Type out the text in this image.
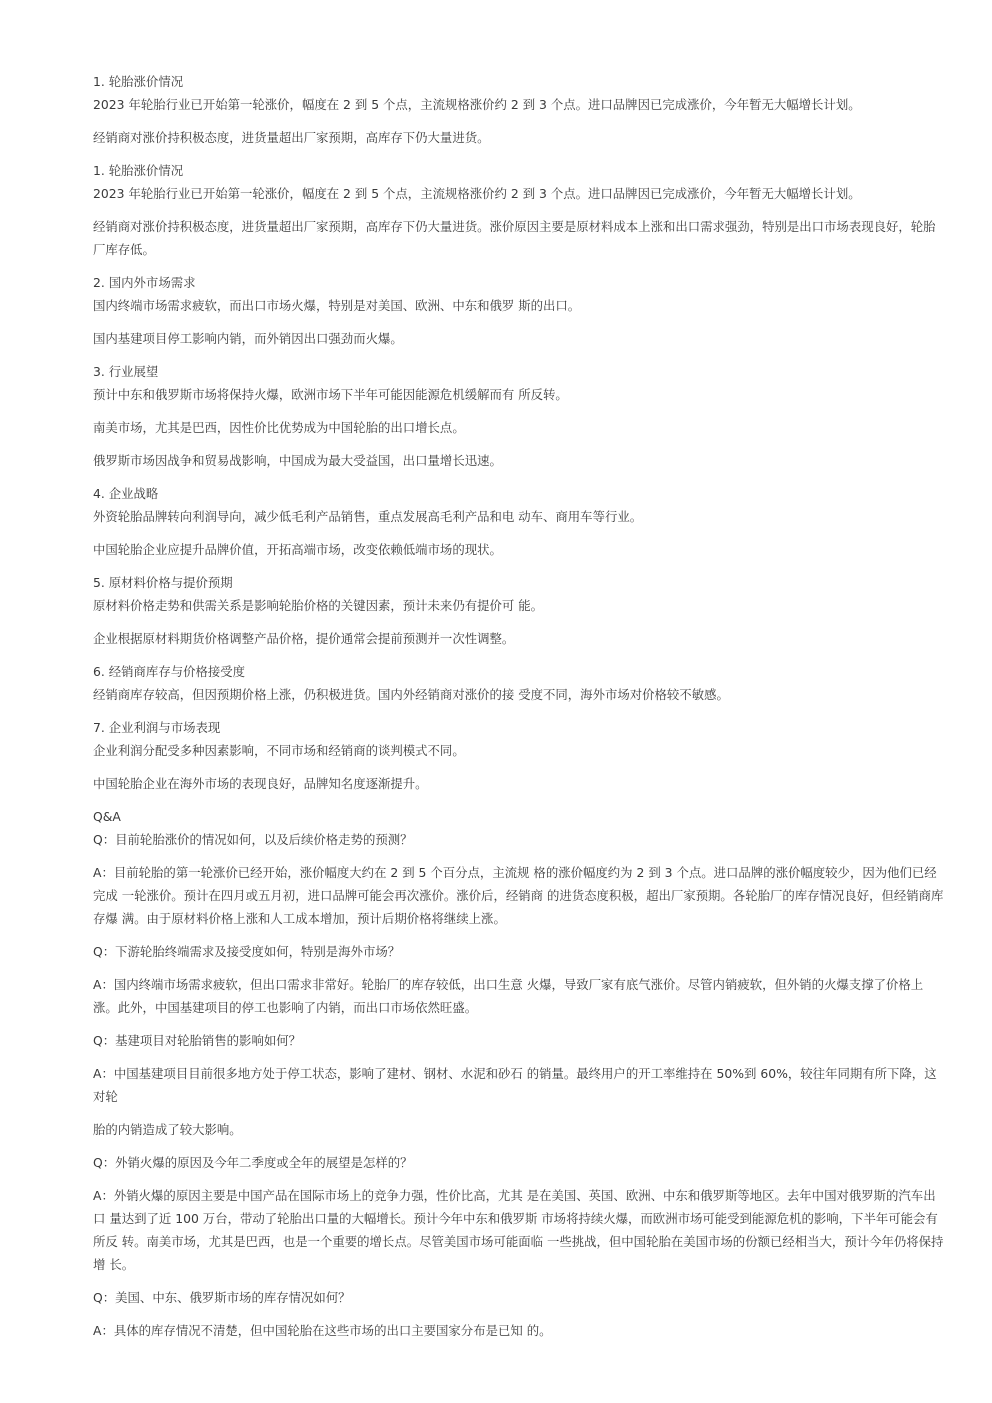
1. 轮胎涨价情况
2023 年轮胎行业已开始第一轮涨价，幅度在 2 到 5 个点，主流规格涨价约 2 到 3 个点。进口品牌因已完成涨价，今年暂无大幅增长计划。
经销商对涨价持积极态度，进货量超出厂家预期，高库存下仍大量进货。
1. 轮胎涨价情况
2023 年轮胎行业已开始第一轮涨价，幅度在 2 到 5 个点，主流规格涨价约 2 到 3 个点。进口品牌因已完成涨价，今年暂无大幅增长计划。
经销商对涨价持积极态度，进货量超出厂家预期，高库存下仍大量进货。涨价原因主要是原材料成本上涨和出口需求强劲，特别是出口市场表现良好，轮胎厂库存低。
2. 国内外市场需求
国内终端市场需求疲软，而出口市场火爆，特别是对美国、欧洲、中东和俄罗 斯的出口。
国内基建项目停工影响内销，而外销因出口强劲而火爆。
3. 行业展望
预计中东和俄罗斯市场将保持火爆，欧洲市场下半年可能因能源危机缓解而有 所反转。
南美市场，尤其是巴西，因性价比优势成为中国轮胎的出口增长点。
俄罗斯市场因战争和贸易战影响，中国成为最大受益国，出口量增长迅速。
4. 企业战略
外资轮胎品牌转向利润导向，减少低毛利产品销售，重点发展高毛利产品和电 动车、商用车等行业。
中国轮胎企业应提升品牌价值，开拓高端市场，改变依赖低端市场的现状。
5. 原材料价格与提价预期
原材料价格走势和供需关系是影响轮胎价格的关键因素，预计未来仍有提价可 能。
企业根据原材料期货价格调整产品价格，提价通常会提前预测并一次性调整。
6. 经销商库存与价格接受度
经销商库存较高，但因预期价格上涨，仍积极进货。国内外经销商对涨价的接 受度不同，海外市场对价格较不敏感。
7. 企业利润与市场表现
企业利润分配受多种因素影响，不同市场和经销商的谈判模式不同。
中国轮胎企业在海外市场的表现良好，品牌知名度逐渐提升。
Q&A
Q：目前轮胎涨价的情况如何，以及后续价格走势的预测？
A：目前轮胎的第一轮涨价已经开始，涨价幅度大约在 2 到 5 个百分点，主流规 格的涨价幅度约为 2 到 3 个点。进口品牌的涨价幅度较少，因为他们已经完成 一轮涨价。预计在四月或五月初，进口品牌可能会再次涨价。涨价后，经销商 的进货态度积极，超出厂家预期。各轮胎厂的库存情况良好，但经销商库存爆 满。由于原材料价格上涨和人工成本增加，预计后期价格将继续上涨。
Q：下游轮胎终端需求及接受度如何，特别是海外市场？
A：国内终端市场需求疲软，但出口需求非常好。轮胎厂的库存较低，出口生意 火爆，导致厂家有底气涨价。尽管内销疲软，但外销的火爆支撑了价格上涨。此外，中国基建项目的停工也影响了内销，而出口市场依然旺盛。
Q：基建项目对轮胎销售的影响如何？
A：中国基建项目目前很多地方处于停工状态，影响了建材、钢材、水泥和砂石 的销量。最终用户的开工率维持在 50%到 60%，较往年同期有所下降，这对轮
胎的内销造成了较大影响。
Q：外销火爆的原因及今年二季度或全年的展望是怎样的？
A：外销火爆的原因主要是中国产品在国际市场上的竞争力强，性价比高，尤其 是在美国、英国、欧洲、中东和俄罗斯等地区。去年中国对俄罗斯的汽车出口 量达到了近 100 万台，带动了轮胎出口量的大幅增长。预计今年中东和俄罗斯 市场将持续火爆，而欧洲市场可能受到能源危机的影响，下半年可能会有所反 转。南美市场，尤其是巴西，也是一个重要的增长点。尽管美国市场可能面临 一些挑战，但中国轮胎在美国市场的份额已经相当大，预计今年仍将保持增 长。
Q：美国、中东、俄罗斯市场的库存情况如何？
A：具体的库存情况不清楚，但中国轮胎在这些市场的出口主要国家分布是已知 的。
